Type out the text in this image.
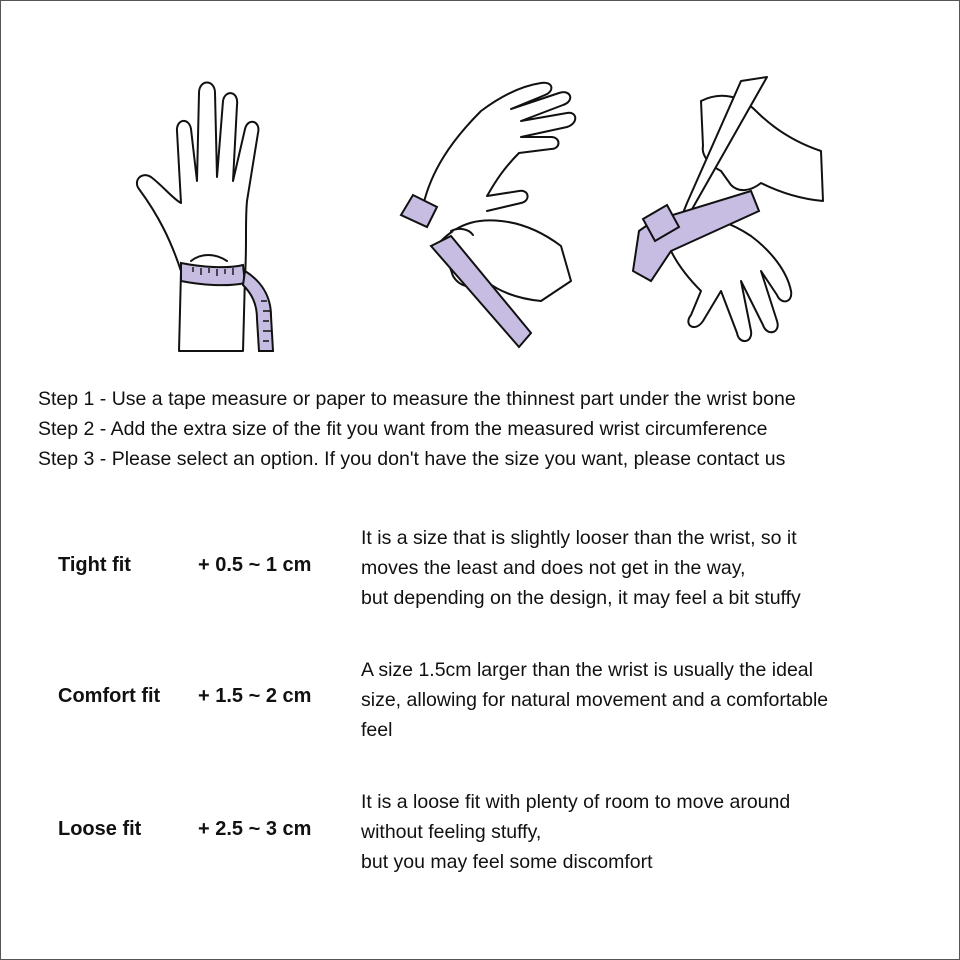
Step 1 - Use a tape measure or paper to measure the thinnest part under the wrist bone
Step 2 - Add the extra size of the fit you want from the measured wrist circumference
Step 3 - Please select an option. If you don't have the size you want, please contact us
Tight fit	+ 0.5 ~ 1 cm
It is a size that is slightly looser than the wrist, so it
moves the least and does not get in the way,
but depending on the design, it may feel a bit stuffy
Comfort fit + 1.5 ~ 2 cm
A size 1.5cm larger than the wrist is usually the ideal
size, allowing for natural movement and a comfortable
feel
Loose fit	+ 2.5 ~ 3 cm
It is a loose fit with plenty of room to move around
without feeling stuffy,
but you may feel some discomfort
